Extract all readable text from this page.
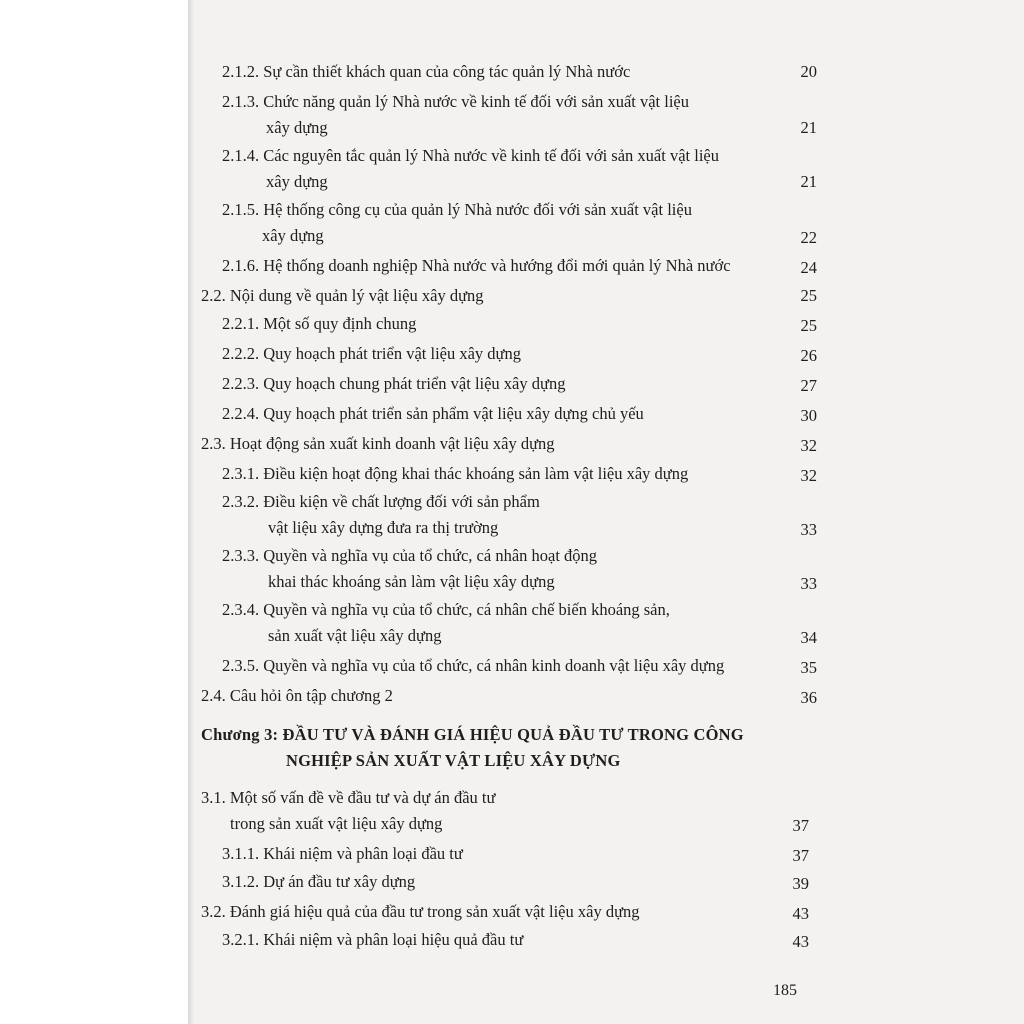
2.1.2. Sự cần thiết khách quan của công tác quản lý Nhà nước	20
2.1.3. Chức năng quản lý Nhà nước về kinh tế đối với sản xuất vật liệu
xây dựng	21
2.1.4. Các nguyên tắc quản lý Nhà nước về kinh tế đối với sản xuất vật liệu
xây dựng	21
2.1.5. Hệ thống công cụ của quản lý Nhà nước đối với sản xuất vật liệu
xây dựng	22
2.1.6. Hệ thống doanh nghiệp Nhà nước và hướng đổi mới quản lý Nhà nước	24
2.2. Nội dung về quản lý vật liệu xây dựng	25
2.2.1. Một số quy định chung	25
2.2.2. Quy hoạch phát triển vật liệu xây dựng	26
2.2.3. Quy hoạch chung phát triển vật liệu xây dựng	27
2.2.4. Quy hoạch phát triển sản phẩm vật liệu xây dựng chủ yếu	30
2.3. Hoạt động sản xuất kinh doanh vật liệu xây dựng	32
2.3.1. Điều kiện hoạt động khai thác khoáng sản làm vật liệu xây dựng	32
2.3.2. Điều kiện về chất lượng đối với sản phẩm
vật liệu xây dựng đưa ra thị trường	33
2.3.3. Quyền và nghĩa vụ của tổ chức, cá nhân hoạt động
khai thác khoáng sản làm vật liệu xây dựng	33
2.3.4. Quyền và nghĩa vụ của tổ chức, cá nhân chế biến khoáng sản,
sản xuất vật liệu xây dựng	34
2.3.5. Quyền và nghĩa vụ của tổ chức, cá nhân kinh doanh vật liệu xây dựng	35
2.4. Câu hỏi ôn tập chương 2	36
Chương 3: ĐẦU TƯ VÀ ĐÁNH GIÁ HIỆU QUẢ ĐẦU TƯ TRONG CÔNG
NGHIỆP SẢN XUẤT VẬT LIỆU XÂY DỰNG
3.1. Một số vấn đề về đầu tư và dự án đầu tư
trong sản xuất vật liệu xây dựng	37
3.1.1. Khái niệm và phân loại đầu tư	37
3.1.2. Dự án đầu tư xây dựng	39
3.2. Đánh giá hiệu quả của đầu tư trong sản xuất vật liệu xây dựng	43
3.2.1. Khái niệm và phân loại hiệu quả đầu tư	43
185
